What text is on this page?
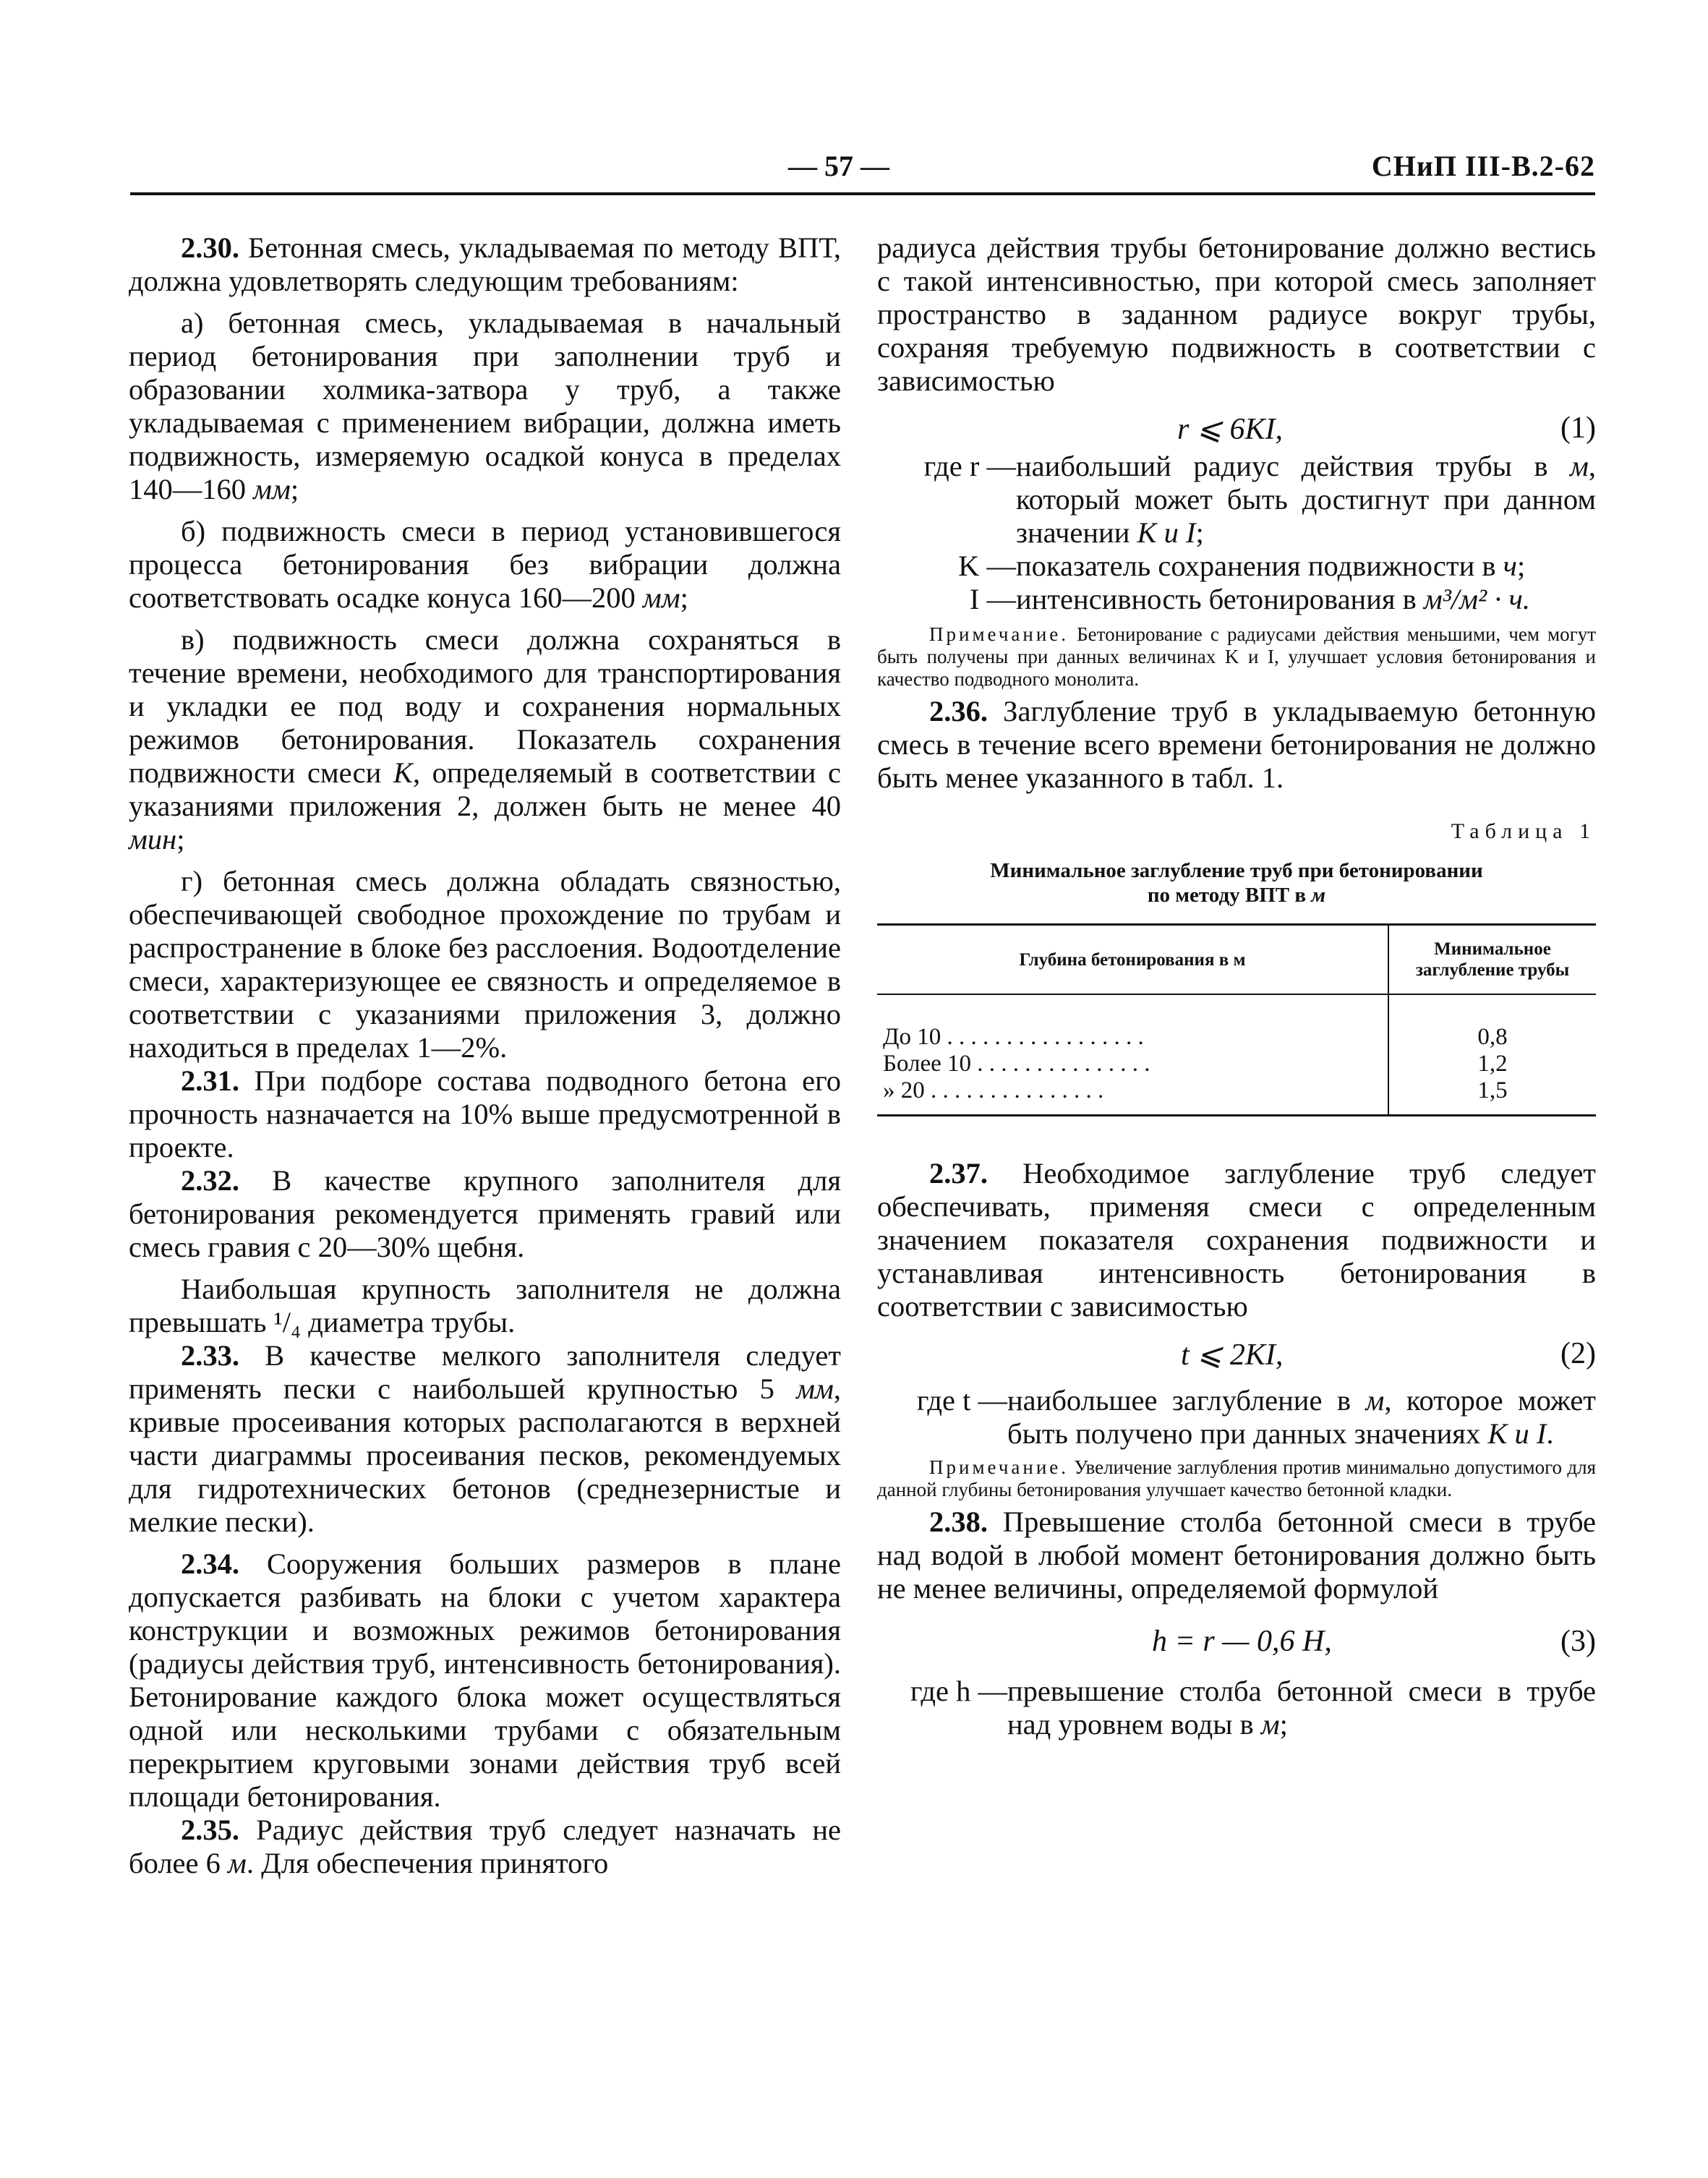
— 57 —	СНиП III-В.2-62

2.30. Бетонная смесь, укладываемая по методу ВПТ, должна удовлетворять следующим требованиям:

а) бетонная смесь, укладываемая в начальный период бетонирования при заполнении труб и образовании холмика-затвора у труб, а также укладываемая с применением вибрации, должна иметь подвижность, измеряемую осадкой конуса в пределах 140—160 мм;

б) подвижность смеси в период установившегося процесса бетонирования без вибрации должна соответствовать осадке конуса 160—200 мм;

в) подвижность смеси должна сохраняться в течение времени, необходимого для транспортирования и укладки ее под воду и сохранения нормальных режимов бетонирования. Показатель сохранения подвижности смеси K, определяемый в соответствии с указаниями приложения 2, должен быть не менее 40 мин;

г) бетонная смесь должна обладать связностью, обеспечивающей свободное прохождение по трубам и распространение в блоке без расслоения. Водоотделение смеси, характеризующее ее связность и определяемое в соответствии с указаниями приложения 3, должно находиться в пределах 1—2%.

2.31. При подборе состава подводного бетона его прочность назначается на 10% выше предусмотренной в проекте.

2.32. В качестве крупного заполнителя для бетонирования рекомендуется применять гравий или смесь гравия с 20—30% щебня.

Наибольшая крупность заполнителя не должна превышать ¹/₄ диаметра трубы.

2.33. В качестве мелкого заполнителя следует применять пески с наибольшей крупностью 5 мм, кривые просеивания которых располагаются в верхней части диаграммы просеивания песков, рекомендуемых для гидротехнических бетонов (среднезернистые и мелкие пески).

2.34. Сооружения больших размеров в плане допускается разбивать на блоки с учетом характера конструкции и возможных режимов бетонирования (радиусы действия труб, интенсивность бетонирования). Бетонирование каждого блока может осуществляться одной или несколькими трубами с обязательным перекрытием круговыми зонами действия труб всей площади бетонирования.

2.35. Радиус действия труб следует назначать не более 6 м. Для обеспечения принятого

радиуса действия трубы бетонирование должно вестись с такой интенсивностью, при которой смесь заполняет пространство в заданном радиусе вокруг трубы, сохраняя требуемую подвижность в соответствии с зависимостью

r ⩽ 6KI,	(1)
где r — наибольший радиус действия трубы в м, который может быть достигнут при данном значении K и I;
K — показатель сохранения подвижности в ч;
I — интенсивность бетонирования в м³/м² · ч.

Примечание. Бетонирование с радиусами действия меньшими, чем могут быть получены при данных величинах K и I, улучшает условия бетонирования и качество подводного монолита.

2.36. Заглубление труб в укладываемую бетонную смесь в течение всего времени бетонирования не должно быть менее указанного в табл. 1.

Таблица 1
Минимальное заглубление труб при бетонировании
по методу ВПТ в м
Глубина бетонирования в м	Минимальное заглубление трубы
До 10 . . . . . . . . . . . . . . . . .	0,8
Более 10 . . . . . . . . . . . . . . .	1,2
» 20 . . . . . . . . . . . . . . .	1,5

2.37. Необходимое заглубление труб следует обеспечивать, применяя смеси с определенным значением показателя сохранения подвижности и устанавливая интенсивность бетонирования в соответствии с зависимостью

t ⩽ 2KI,	(2)
где t — наибольшее заглубление в м, которое может быть получено при данных значениях K и I.

Примечание. Увеличение заглубления против минимально допустимого для данной глубины бетонирования улучшает качество бетонной кладки.

2.38. Превышение столба бетонной смеси в трубе над водой в любой момент бетонирования должно быть не менее величины, определяемой формулой

h = r — 0,6 H,	(3)
где h — превышение столба бетонной смеси в трубе над уровнем воды в м;
